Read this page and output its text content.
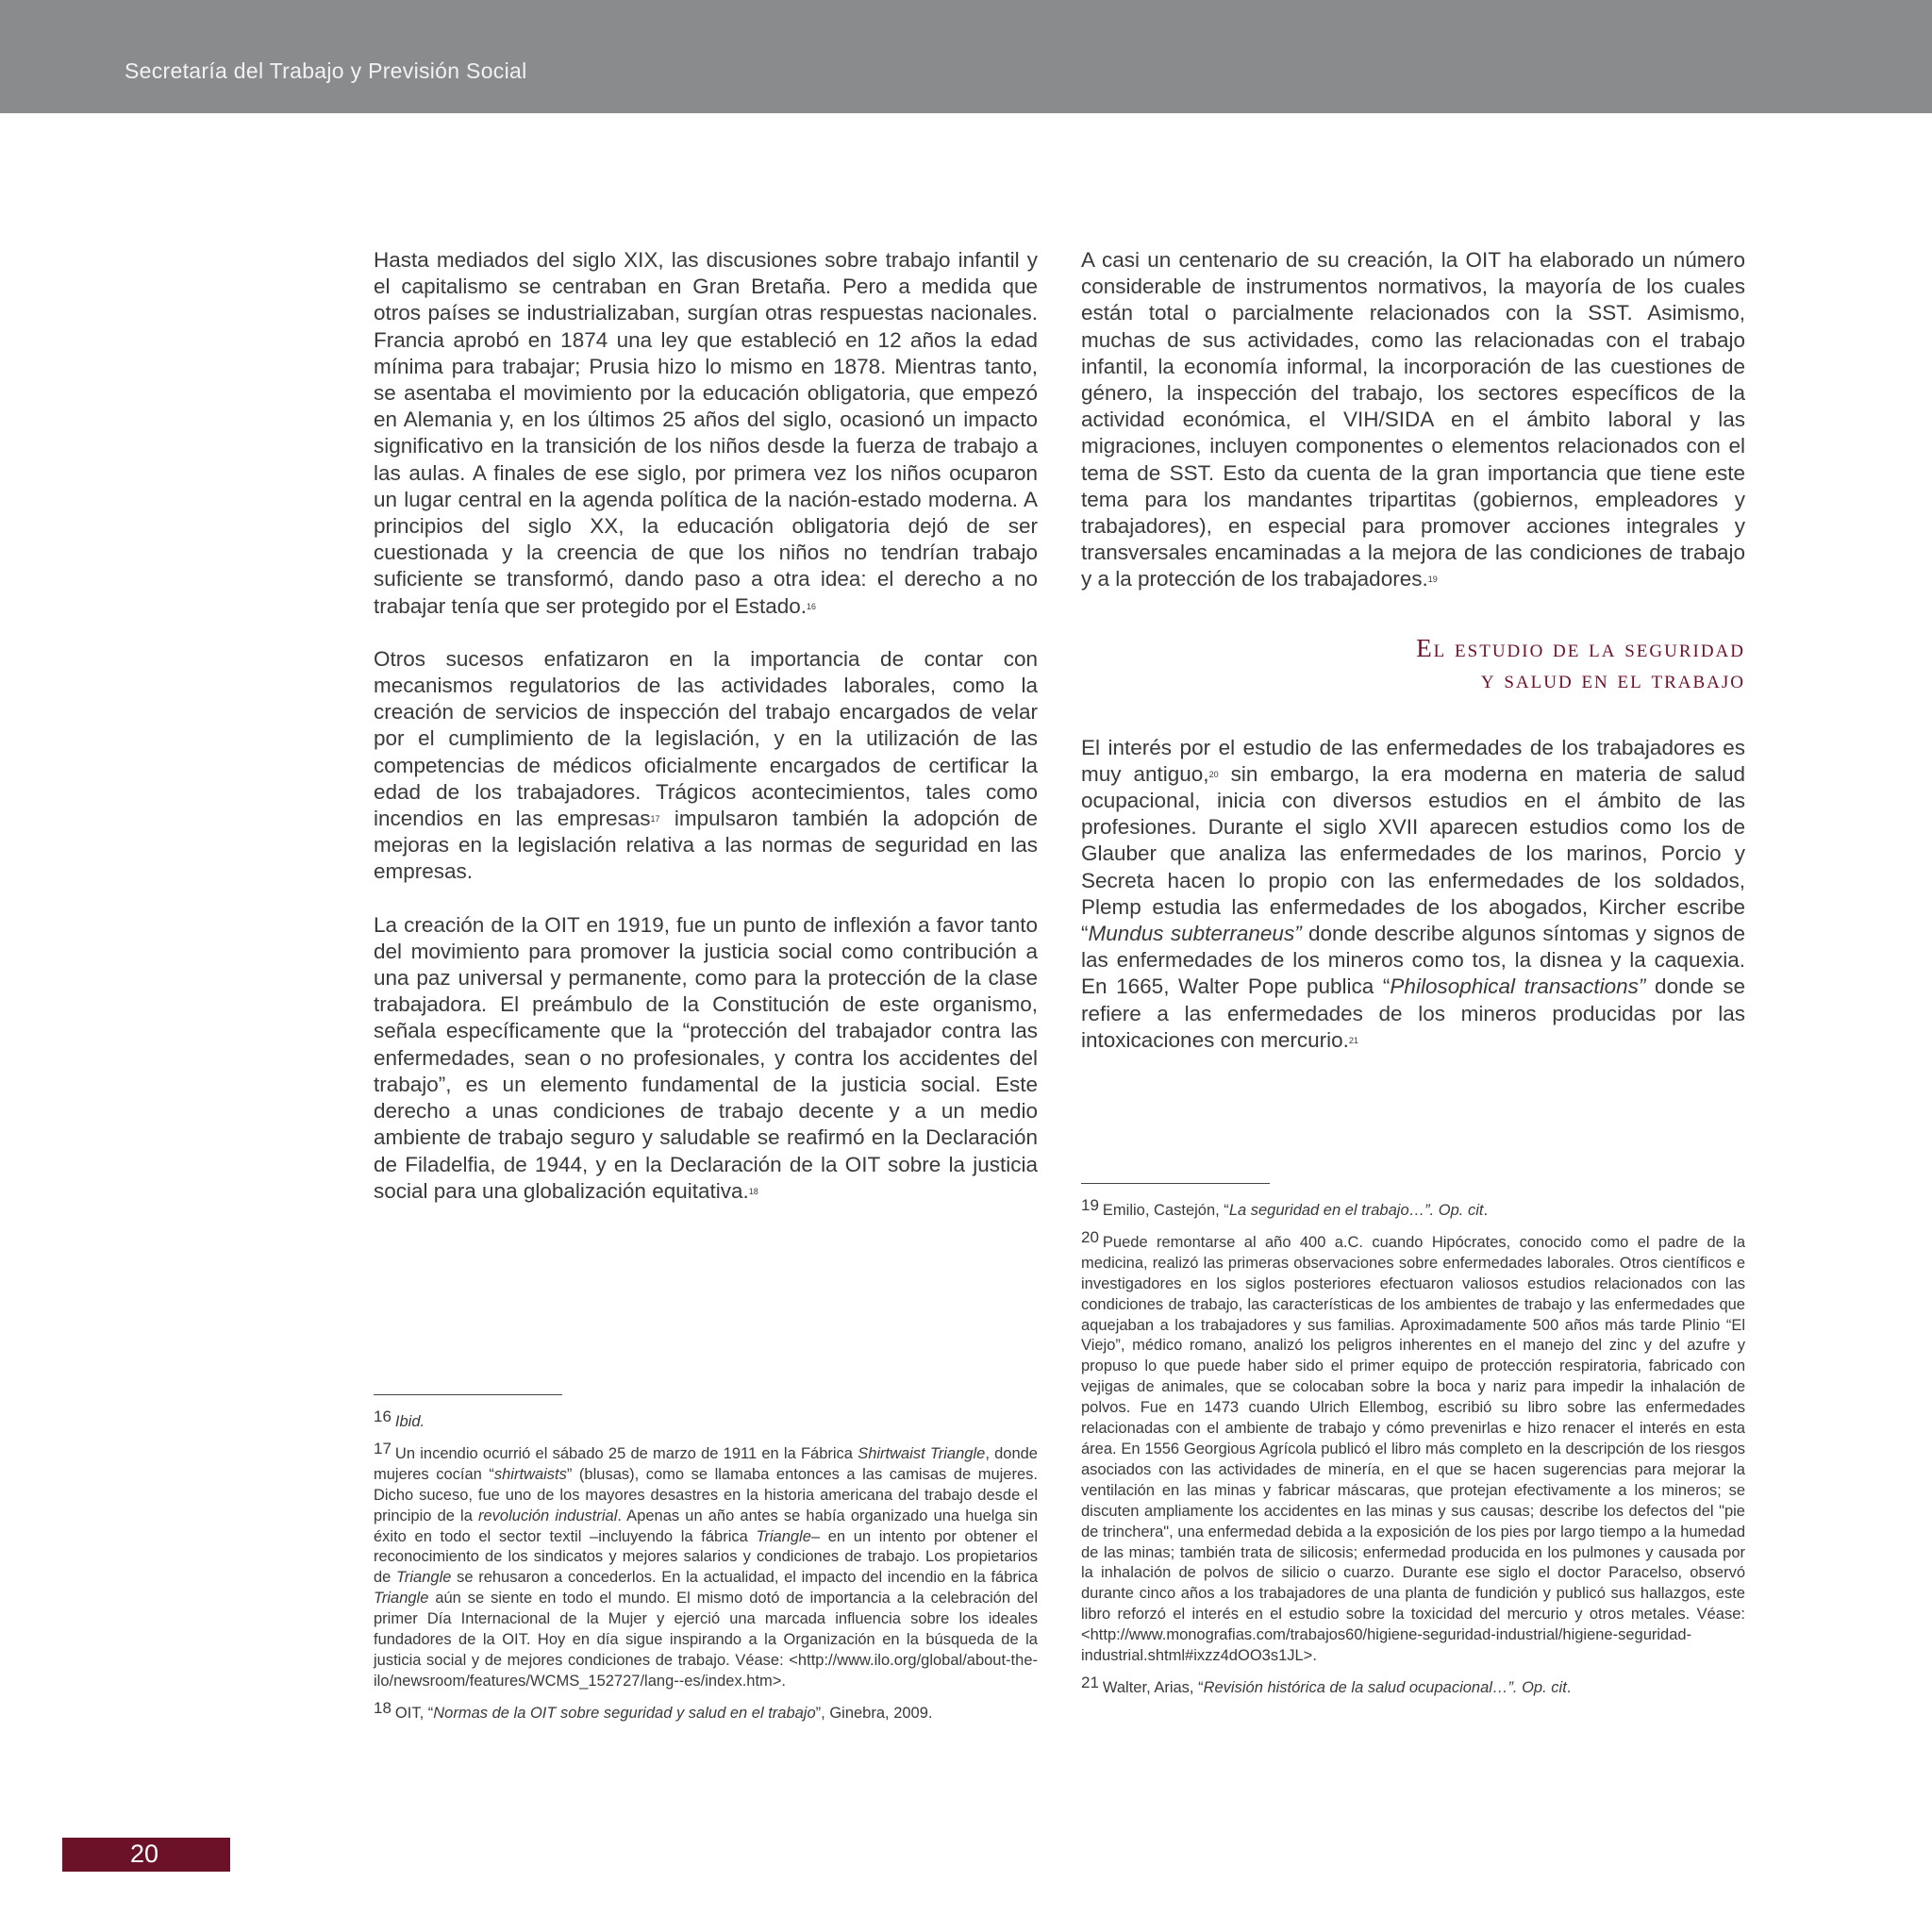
Secretaría del Trabajo y Previsión Social

Hasta mediados del siglo XIX, las discusiones sobre trabajo infantil y el capitalismo se centraban en Gran Bretaña. Pero a medida que otros países se industrializaban, surgían otras respuestas nacionales. Francia aprobó en 1874 una ley que estableció en 12 años la edad mínima para trabajar; Prusia hizo lo mismo en 1878. Mientras tanto, se asentaba el movimiento por la educación obligatoria, que empezó en Alemania y, en los últimos 25 años del siglo, ocasionó un impacto significativo en la transición de los niños desde la fuerza de trabajo a las aulas. A finales de ese siglo, por primera vez los niños ocuparon un lugar central en la agenda política de la nación-estado moderna. A principios del siglo XX, la educación obligatoria dejó de ser cuestionada y la creencia de que los niños no tendrían trabajo suficiente se transformó, dando paso a otra idea: el derecho a no trabajar tenía que ser protegido por el Estado.$^{16}$

Otros sucesos enfatizaron en la importancia de contar con mecanismos regulatorios de las actividades laborales, como la creación de servicios de inspección del trabajo encargados de velar por el cumplimiento de la legislación, y en la utilización de las competencias de médicos oficialmente encargados de certificar la edad de los trabajadores. Trágicos acontecimientos, tales como incendios en las empresas$^{17}$ impulsaron también la adopción de mejoras en la legislación relativa a las normas de seguridad en las empresas.

La creación de la OIT en 1919, fue un punto de inflexión a favor tanto del movimiento para promover la justicia social como contribución a una paz universal y permanente, como para la protección de la clase trabajadora. El preámbulo de la Constitución de este organismo, señala específicamente que la “protección del trabajador contra las enfermedades, sean o no profesionales, y contra los accidentes del trabajo”, es un elemento fundamental de la justicia social. Este derecho a unas condiciones de trabajo decente y a un medio ambiente de trabajo seguro y saludable se reafirmó en la Declaración de Filadelfia, de 1944, y en la Declaración de la OIT sobre la justicia social para una globalización equitativa.$^{18}$

A casi un centenario de su creación, la OIT ha elaborado un número considerable de instrumentos normativos, la mayoría de los cuales están total o parcialmente relacionados con la SST. Asimismo, muchas de sus actividades, como las relacionadas con el trabajo infantil, la economía informal, la incorporación de las cuestiones de género, la inspección del trabajo, los sectores específicos de la actividad económica, el VIH/SIDA en el ámbito laboral y las migraciones, incluyen componentes o elementos relacionados con el tema de SST. Esto da cuenta de la gran importancia que tiene este tema para los mandantes tripartitas (gobiernos, empleadores y trabajadores), en especial para promover acciones integrales y transversales encaminadas a la mejora de las condiciones de trabajo y a la protección de los trabajadores.$^{19}$

El estudio de la seguridad
y salud en el trabajo

El interés por el estudio de las enfermedades de los trabajadores es muy antiguo,$^{20}$ sin embargo, la era moderna en materia de salud ocupacional, inicia con diversos estudios en el ámbito de las profesiones. Durante el siglo XVII aparecen estudios como los de Glauber que analiza las enfermedades de los marinos, Porcio y Secreta hacen lo propio con las enfermedades de los soldados, Plemp estudia las enfermedades de los abogados, Kircher escribe “Mundus subterraneus” donde describe algunos síntomas y signos de las enfermedades de los mineros como tos, la disnea y la caquexia. En 1665, Walter Pope publica “Philosophical transactions” donde se refiere a las enfermedades de los mineros producidas por las intoxicaciones con mercurio.$^{21}$

16 Ibid.

17 Un incendio ocurrió el sábado 25 de marzo de 1911 en la Fábrica Shirtwaist Triangle, donde mujeres cocían “shirtwaists” (blusas), como se llamaba entonces a las camisas de mujeres. Dicho suceso, fue uno de los mayores desastres en la historia americana del trabajo desde el principio de la revolución industrial. Apenas un año antes se había organizado una huelga sin éxito en todo el sector textil –incluyendo la fábrica Triangle– en un intento por obtener el reconocimiento de los sindicatos y mejores salarios y condiciones de trabajo. Los propietarios de Triangle se rehusaron a concederlos. En la actualidad, el impacto del incendio en la fábrica Triangle aún se siente en todo el mundo. El mismo dotó de importancia a la celebración del primer Día Internacional de la Mujer y ejerció una marcada influencia sobre los ideales fundadores de la OIT. Hoy en día sigue inspirando a la Organización en la búsqueda de la justicia social y de mejores condiciones de trabajo. Véase: <http://www.ilo.org/global/about-the-ilo/newsroom/features/WCMS_152727/lang--es/index.htm>.

18 OIT, “Normas de la OIT sobre seguridad y salud en el trabajo”, Ginebra, 2009.

19 Emilio, Castejón, “La seguridad en el trabajo…”. Op. cit.

20 Puede remontarse al año 400 a.C. cuando Hipócrates, conocido como el padre de la medicina, realizó las primeras observaciones sobre enfermedades laborales. Otros científicos e investigadores en los siglos posteriores efectuaron valiosos estudios relacionados con las condiciones de trabajo, las características de los ambientes de trabajo y las enfermedades que aquejaban a los trabajadores y sus familias. Aproximadamente 500 años más tarde Plinio “El Viejo”, médico romano, analizó los peligros inherentes en el manejo del zinc y del azufre y propuso lo que puede haber sido el primer equipo de protección respiratoria, fabricado con vejigas de animales, que se colocaban sobre la boca y nariz para impedir la inhalación de polvos. Fue en 1473 cuando Ulrich Ellembog, escribió su libro sobre las enfermedades relacionadas con el ambiente de trabajo y cómo prevenirlas e hizo renacer el interés en esta área. En 1556 Georgious Agrícola publicó el libro más completo en la descripción de los riesgos asociados con las actividades de minería, en el que se hacen sugerencias para mejorar la ventilación en las minas y fabricar máscaras, que protejan efectivamente a los mineros; se discuten ampliamente los accidentes en las minas y sus causas; describe los defectos del "pie de trinchera", una enfermedad debida a la exposición de los pies por largo tiempo a la humedad de las minas; también trata de silicosis; enfermedad producida en los pulmones y causada por la inhalación de polvos de silicio o cuarzo. Durante ese siglo el doctor Paracelso, observó durante cinco años a los trabajadores de una planta de fundición y publicó sus hallazgos, este libro reforzó el interés en el estudio sobre la toxicidad del mercurio y otros metales. Véase: <http://www.monografias.com/trabajos60/higiene-seguridad-industrial/higiene-seguridad-industrial.shtml#ixzz4dOO3s1JL>.

21 Walter, Arias, “Revisión histórica de la salud ocupacional…”. Op. cit.

20
